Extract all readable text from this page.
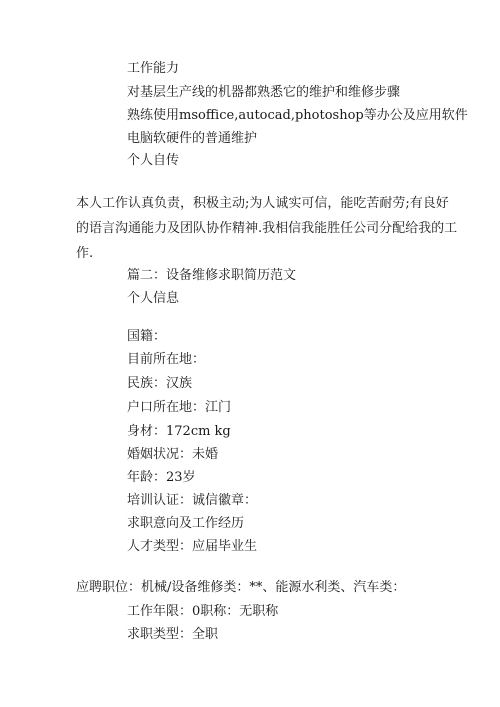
工作能力
对基层生产线的机器都熟悉它的维护和维修步骤
熟练使用msoffice,autocad,photoshop等办公及应用软件
电脑软硬件的普通维护
个人自传
本人工作认真负责，积极主动;为人诚实可信，能吃苦耐劳;有良好
的语言沟通能力及团队协作精神.我相信我能胜任公司分配给我的工
作.
篇二：设备维修求职简历范文
个人信息
国籍：
目前所在地：
民族：汉族
户口所在地：江门
身材：172cm kg
婚姻状况：未婚
年龄：23岁
培训认证：诚信徽章：
求职意向及工作经历
人才类型：应届毕业生
应聘职位：机械/设备维修类：**、能源水利类、汽车类：
工作年限：0职称：无职称
求职类型：全职
